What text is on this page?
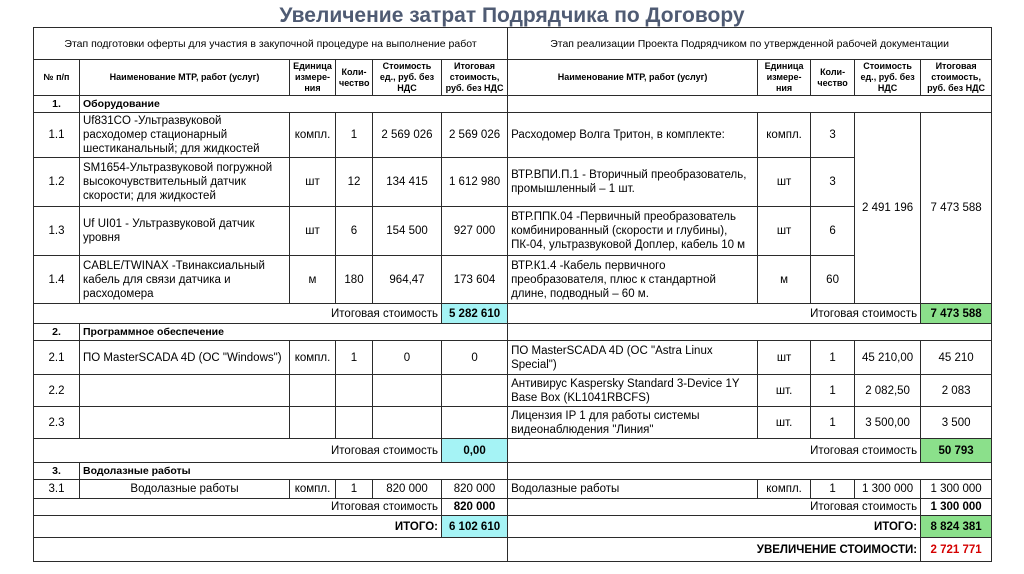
Увеличение затрат Подрядчика по Договору
Этап подготовки оферты для участия в закупочной процедуре на выполнение работ						Этап реализации Проекта Подрядчиком по утвержденной рабочей документации				
№ п/п	Наименование МТР, работ (услуг)	Единица измере-ния	Коли-чество	Стоимость ед., руб. без НДС	Итоговая стоимость, руб. без НДС	Наименование МТР, работ (услуг)	Единица измере-ния	Коли-чество	Стоимость ед., руб. без НДС	Итоговая стоимость, руб. без НДС
1.	Оборудование									
1.1	Uf831CO -Ультразвуковой расходомер стационарный шестиканальный; для жидкостей	компл.	1	2 569 026	2 569 026	Расходомер Волга Тритон, в комплекте:	компл.	3	2 491 196	7 473 588
1.2	SM1654-Ультразвуковой погружной высокочувствительный датчик скорости; для жидкостей	шт	12	134 415	1 612 980	ВТР.ВПИ.П.1 - Вторичный преобразователь, промышленный – 1 шт.	шт	3		
1.3	Uf UI01 - Ультразвуковой датчик уровня	шт	6	154 500	927 000	ВТР.ППК.04 -Первичный преобразователь комбинированный (скорости и глубины), ПК-04, ультразвуковой Доплер, кабель 10 м	шт	6		
1.4	CABLE/TWINAX -Твинаксиальный кабель для связи датчика и расходомера	м	180	964,47	173 604	ВТР.К1.4 -Кабель первичного преобразователя, плюс к стандартной длине, подводный – 60 м.	м	60		
Итоговая стоимость					5 282 610	Итоговая стоимость				7 473 588
2.	Программное обеспечение									
2.1	ПО MasterSCADA 4D (ОС "Windows")	компл.	1	0	0	ПО MasterSCADA 4D (ОС "Astra Linux Special")	шт	1	45 210,00	45 210
2.2						Антивирус Kaspersky Standard 3-Device 1Y Base Box (KL1041RBCFS)	шт.	1	2 082,50	2 083
2.3						Лицензия IP 1 для работы системы видеонаблюдения "Линия"	шт.	1	3 500,00	3 500
Итоговая стоимость					0,00	Итоговая стоимость				50 793
3.	Водолазные работы									
3.1	Водолазные работы	компл.	1	820 000	820 000	Водолазные работы	компл.	1	1 300 000	1 300 000
Итоговая стоимость					820 000	Итоговая стоимость				1 300 000
ИТОГО:					6 102 610	ИТОГО:				8 824 381
						УВЕЛИЧЕНИЕ СТОИМОСТИ:				2 721 771
